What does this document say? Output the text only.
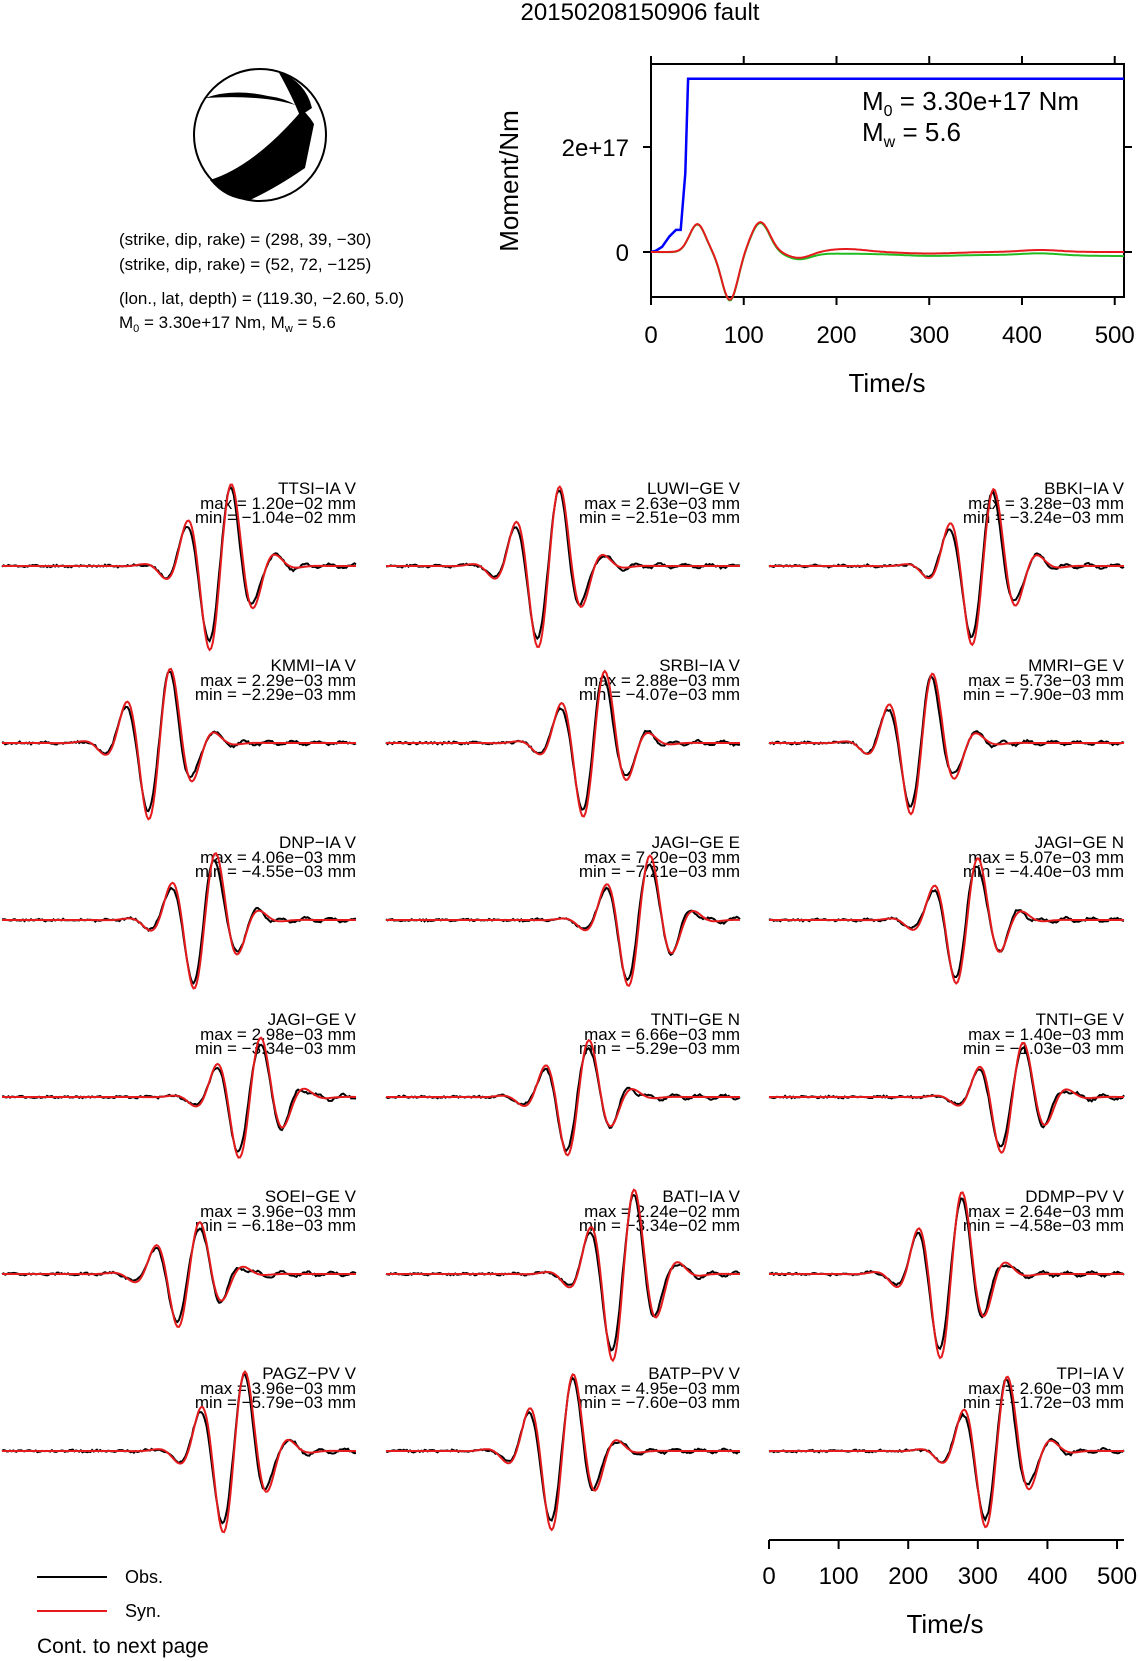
20150208150906 fault
(strike, dip, rake) = (298, 39, −30)
(strike, dip, rake) = (52, 72, −125)
(lon., lat, depth) = (119.30, −2.60, 5.0)
$M_0 = 3.30e+17$ Nm, $M_w = 5.6$
Moment/Nm
Time/s
$M_0 = 3.30e+17$ Nm
$M_w = 5.6$
0	100 200 300 400 500
0
2e+17
TTSI−IA V
max = 1.20e−02 mm
min = −1.04e−02 mm
LUWI−GE V
max = 2.63e−03 mm
min = −2.51e−03 mm
BBKI−IA V
max = 3.28e−03 mm
min = −3.24e−03 mm
KMMI−IA V
max = 2.29e−03 mm
min = −2.29e−03 mm
SRBI−IA V
max = 2.88e−03 mm
min = −4.07e−03 mm
MMRI−GE V
max = 5.73e−03 mm
min = −7.90e−03 mm
DNP−IA V
max = 4.06e−03 mm
min = −4.55e−03 mm
JAGI−GE E
max = 7.20e−03 mm
min = −7.21e−03 mm
JAGI−GE N
max = 5.07e−03 mm
min = −4.40e−03 mm
JAGI−GE V
max = 2.98e−03 mm
min = −3.34e−03 mm
TNTI−GE N
max = 6.66e−03 mm
min = −5.29e−03 mm
TNTI−GE V
max = 1.40e−03 mm
min = −1.03e−03 mm
SOEI−GE V
max = 3.96e−03 mm
min = −6.18e−03 mm
BATI−IA V
max = 2.24e−02 mm
min = −3.34e−02 mm
DDMP−PV V
max = 2.64e−03 mm
min = −4.58e−03 mm
PAGZ−PV V
max = 3.96e−03 mm
min = −5.79e−03 mm
BATP−PV V
max = 4.95e−03 mm
min = −7.60e−03 mm
TPI−IA V
max = 2.60e−03 mm
min = −1.72e−03 mm
Time/s
0 100 200 300 400 500
Obs.
Syn.
Cont. to next page
